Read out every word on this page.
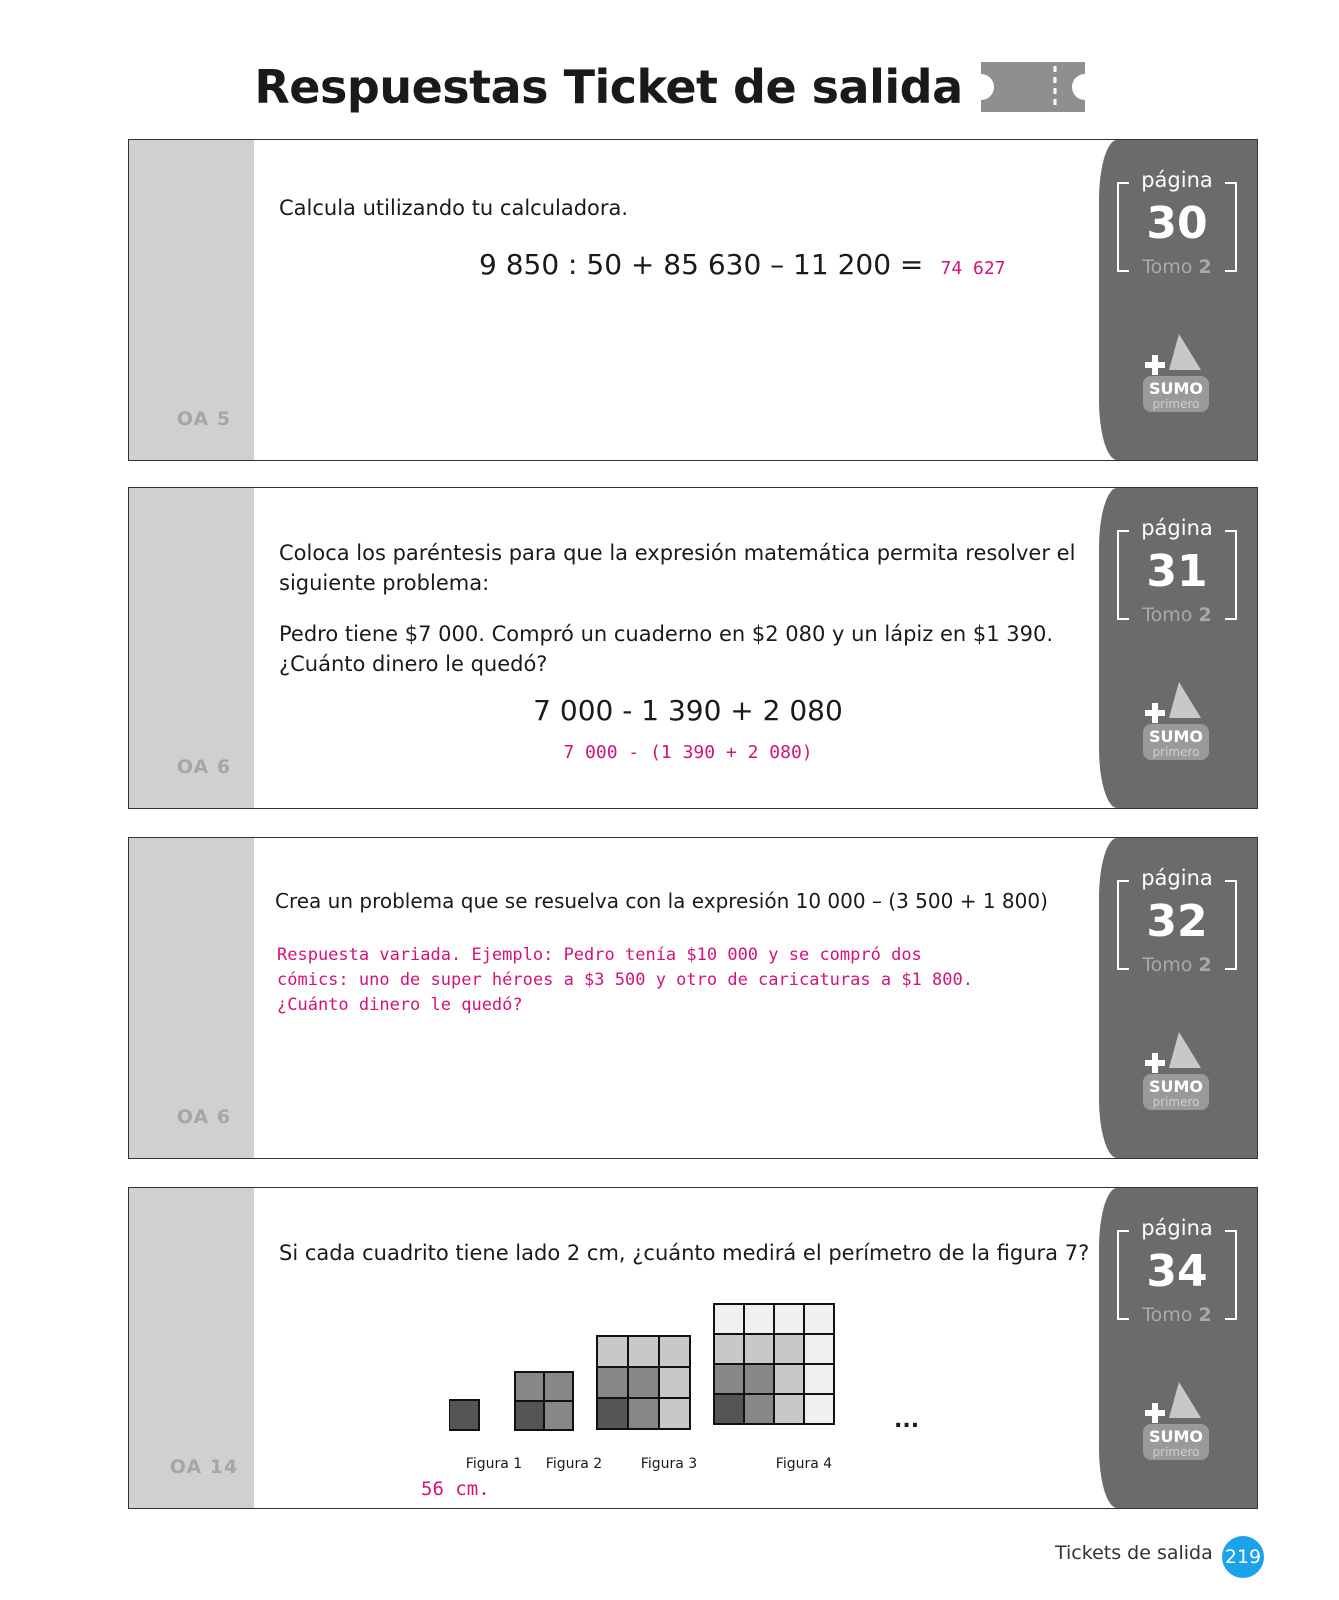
Respuestas Ticket de salida
OA 5
Calcula utilizando tu calculadora.
9 850 : 50 + 85 630 – 11 200 = 74 627
página
30
Tomo 2
SUMO
primero
OA 6
Coloca los paréntesis para que la expresión matemática permita resolver el
siguiente problema:
Pedro tiene $7 000. Compró un cuaderno en $2 080 y un lápiz en $1 390.
¿Cuánto dinero le quedó?
7 000 - 1 390 + 2 080
7 000 - (1 390 + 2 080)
página
31
Tomo 2
SUMO
primero
OA 6
Crea un problema que se resuelva con la expresión 10 000 – (3 500 + 1 800)
Respuesta variada. Ejemplo: Pedro tenía $10 000 y se compró dos
cómics: uno de super héroes a $3 500 y otro de caricaturas a $1 800.
¿Cuánto dinero le quedó?
página
32
Tomo 2
SUMO
primero
OA 14
Si cada cuadrito tiene lado 2 cm, ¿cuánto medirá el perímetro de la figura 7?
...
Figura 1	Figura 2	Figura 3	Figura 4
56 cm.
página
34
Tomo 2
SUMO
primero
Tickets de salida 219
